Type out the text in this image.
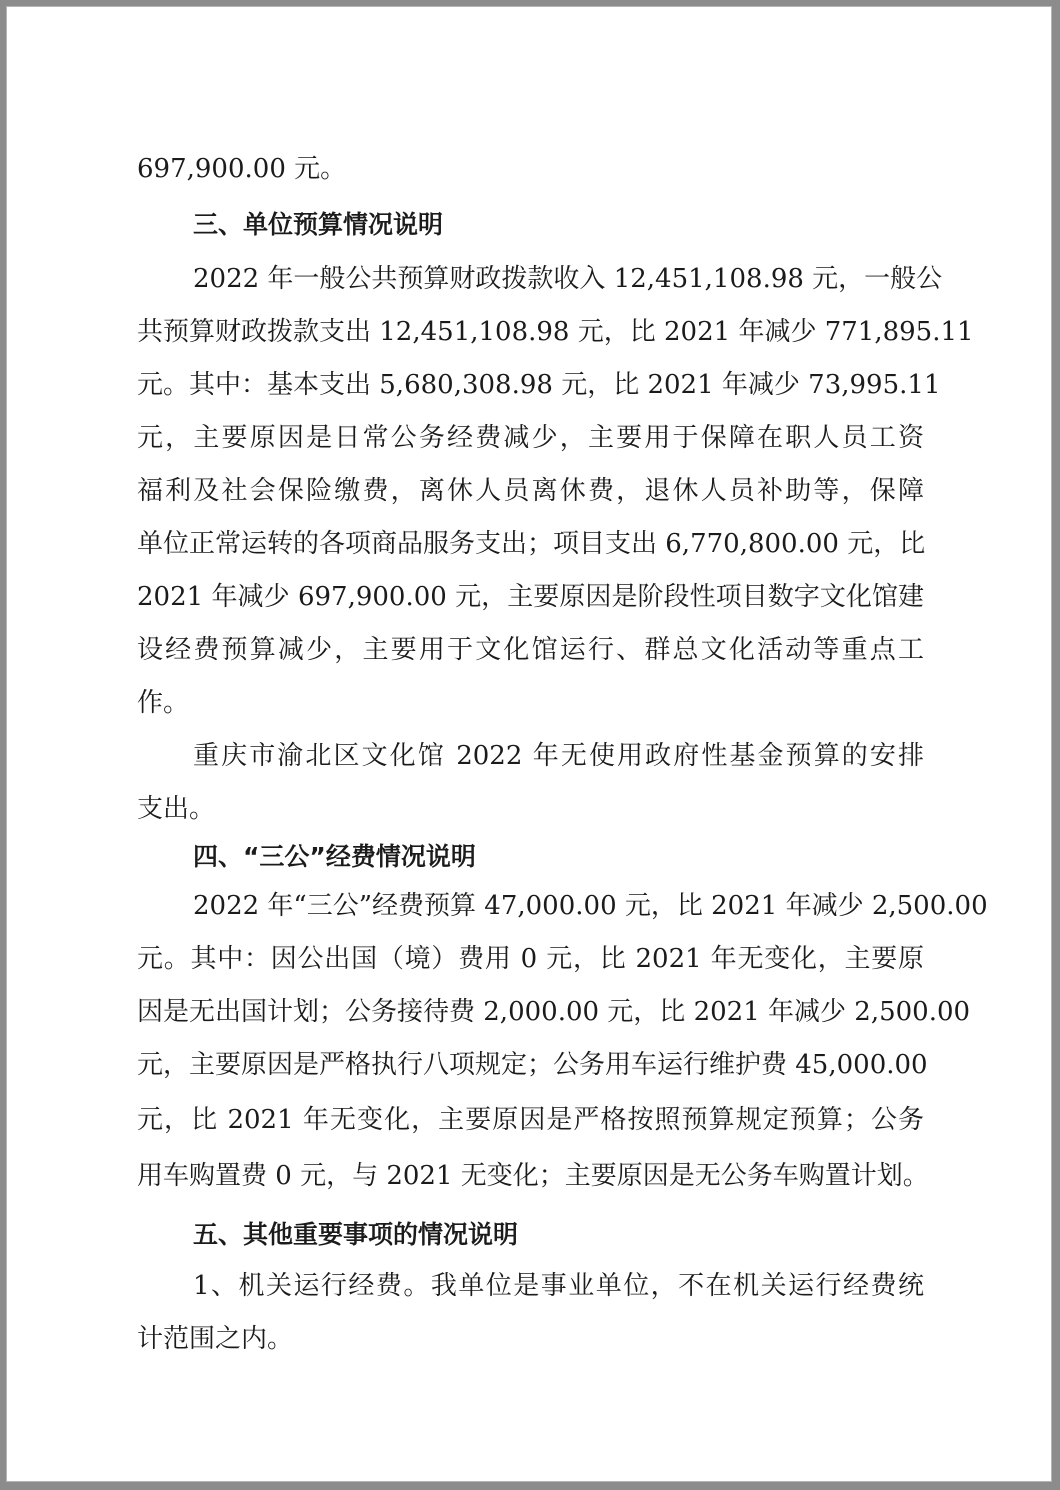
697,900.00 元。

三、单位预算情况说明

2022 年一般公共预算财政拨款收入 12,451,108.98 元，一般公

共预算财政拨款支出 12,451,108.98 元，比 2021 年减少 771,895.11

元。其中：基本支出 5,680,308.98 元，比 2021 年减少 73,995.11

元，主要原因是日常公务经费减少，主要用于保障在职人员工资

福利及社会保险缴费，离休人员离休费，退休人员补助等，保障

单位正常运转的各项商品服务支出；项目支出 6,770,800.00 元，比

2021 年减少 697,900.00 元，主要原因是阶段性项目数字文化馆建

设经费预算减少，主要用于文化馆运行、群总文化活动等重点工

作。

重庆市渝北区文化馆 2022 年无使用政府性基金预算的安排

支出。

四、“三公”经费情况说明

2022 年“三公”经费预算 47,000.00 元，比 2021 年减少 2,500.00

元。其中：因公出国（境）费用 0 元，比 2021 年无变化，主要原

因是无出国计划；公务接待费 2,000.00 元，比 2021 年减少 2,500.00

元，主要原因是严格执行八项规定；公务用车运行维护费 45,000.00

元，比 2021 年无变化，主要原因是严格按照预算规定预算；公务

用车购置费 0 元，与 2021 无变化；主要原因是无公务车购置计划。

五、其他重要事项的情况说明

1、机关运行经费。我单位是事业单位，不在机关运行经费统

计范围之内。
